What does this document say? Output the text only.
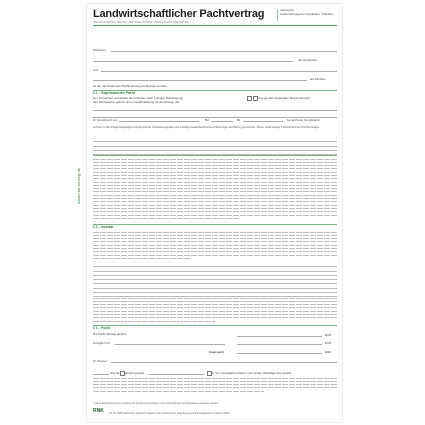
www.rnk-verlag.de
Landwirtschaftlicher Pachtvertrag
(Rechtsverhältnisse zwischen, bzw. Stellen künftiger, Zwischenstand außerpachtet)
Vertrag für
Außenordnung bei Verpächter / Pächter
Zwischen
als Verpächter
und
als Pächter
ist der nachstehende Pachtvertrag geschlossen worden:
§ 1 – Gegenstand der Pacht
Der Verpächter verpachtet dem Pächter nach erfolgter Besichtigung	und gemäß beigefügter Beschreibung*)
den Pachtsache, jedoch ohne Gewährleistung für den Ertrag, die
im Grundbuch von	Bd.	Bl.	bezeichnete Grundstück.
Auf dem in der Anlage beigefügten Auszug aus der Flurkarte/Lageplan sind sonstige katastertechnische Aufhebungen wird Bezug genommen. Dieser ist als Anlage 1 Bestandteil des Pachtvertrages.
§ 2 – Inventar
§ 3 – Pacht
Die Pacht beträgt jährlich	EUR
zuzüglich für	EUR
Insgesamt	EUR
(in Worten
und bis jährlich jeweils	in vier Vierteljahres-Raten zum ersten Werktage des jeweils
*) diese Beschreibung eine Umfang und System mit Inh Datum und Unterschrift der Vertragsparteien versehen werden
RNK Art.-Nr. 5005 Nachdruck, Abschrift, Kopieren oder elektronische Speicherung auch auszugsweise verboten 2/2013
